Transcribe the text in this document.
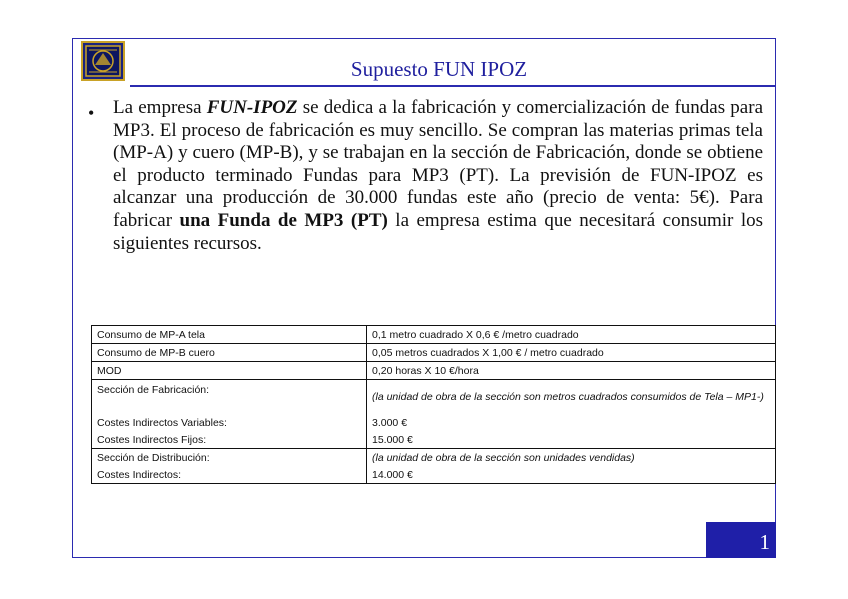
Supuesto FUN IPOZ
• La empresa FUN-IPOZ se dedica a la fabricación y comercialización de fundas para MP3. El proceso de fabricación es muy sencillo. Se compran las materias primas tela (MP-A) y cuero (MP-B), y se trabajan en la sección de Fabricación, donde se obtiene el producto terminado Fundas para MP3 (PT). La previsión de FUN-IPOZ es alcanzar una producción de 30.000 fundas este año (precio de venta: 5€). Para fabricar una Funda de MP3 (PT) la empresa estima que necesitará consumir los siguientes recursos.

Consumo de MP-A tela	0,1 metro cuadrado X 0,6 € /metro cuadrado
Consumo de MP-B cuero	0,05 metros cuadrados X 1,00 € / metro cuadrado
MOD	0,20 horas X 10 €/hora
Sección de Fabricación:	(la unidad de obra de la sección son metros cuadrados consumidos de Tela – MP1-)
Costes Indirectos Variables:	3.000 €
Costes Indirectos Fijos:	15.000 €
Sección de Distribución:	(la unidad de obra de la sección son unidades vendidas)
Costes Indirectos:	14.000 €
1
